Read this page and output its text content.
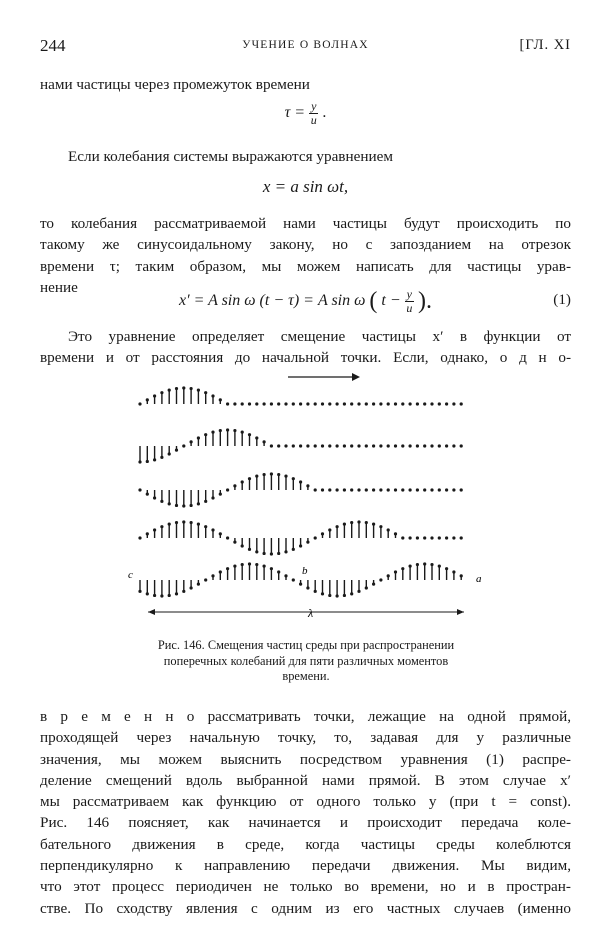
244	УЧЕНИЕ О ВОЛНАХ	[ГЛ. XI
нами частицы через промежуток времени
$\tau = \frac{y}{u}$ .
Если колебания системы выражаются уравнением
x = a sin ωt,
то колебания рассматриваемой нами частицы будут происходить по
такому же синусоидальному закону, но с запозданием на отрезок
времени τ; таким образом, мы можем написать для частицы урав-
нение
x′ = A sin ω (t − τ) = A sin ω ( $t - \frac{y}{u}$ ).	(1)
Это уравнение определяет смещение частицы x′ в функции от
времени и от расстояния до начальной точки. Если, однако, о д н о-
λ
c	b
a
Рис. 146. Смещения частиц среды при распространении
поперечных колебаний для пяти различных моментов
времени.
в р е м е н н о рассматривать точки, лежащие на одной прямой,
проходящей через начальную точку, то, задавая для y различные
значения, мы можем выяснить посредством уравнения (1) распре-
деление смещений вдоль выбранной нами прямой. В этом случае x′
мы рассматриваем как функцию от одного только y (при t = const).
Рис. 146 поясняет, как начинается и происходит передача коле-
бательного движения в среде, когда частицы среды колеблются
перпендикулярно к направлению передачи движения. Мы видим,
что этот процесс периодичен не только во времени, но и в простран-
стве. По сходству явления с одним из его частных случаев (именно
